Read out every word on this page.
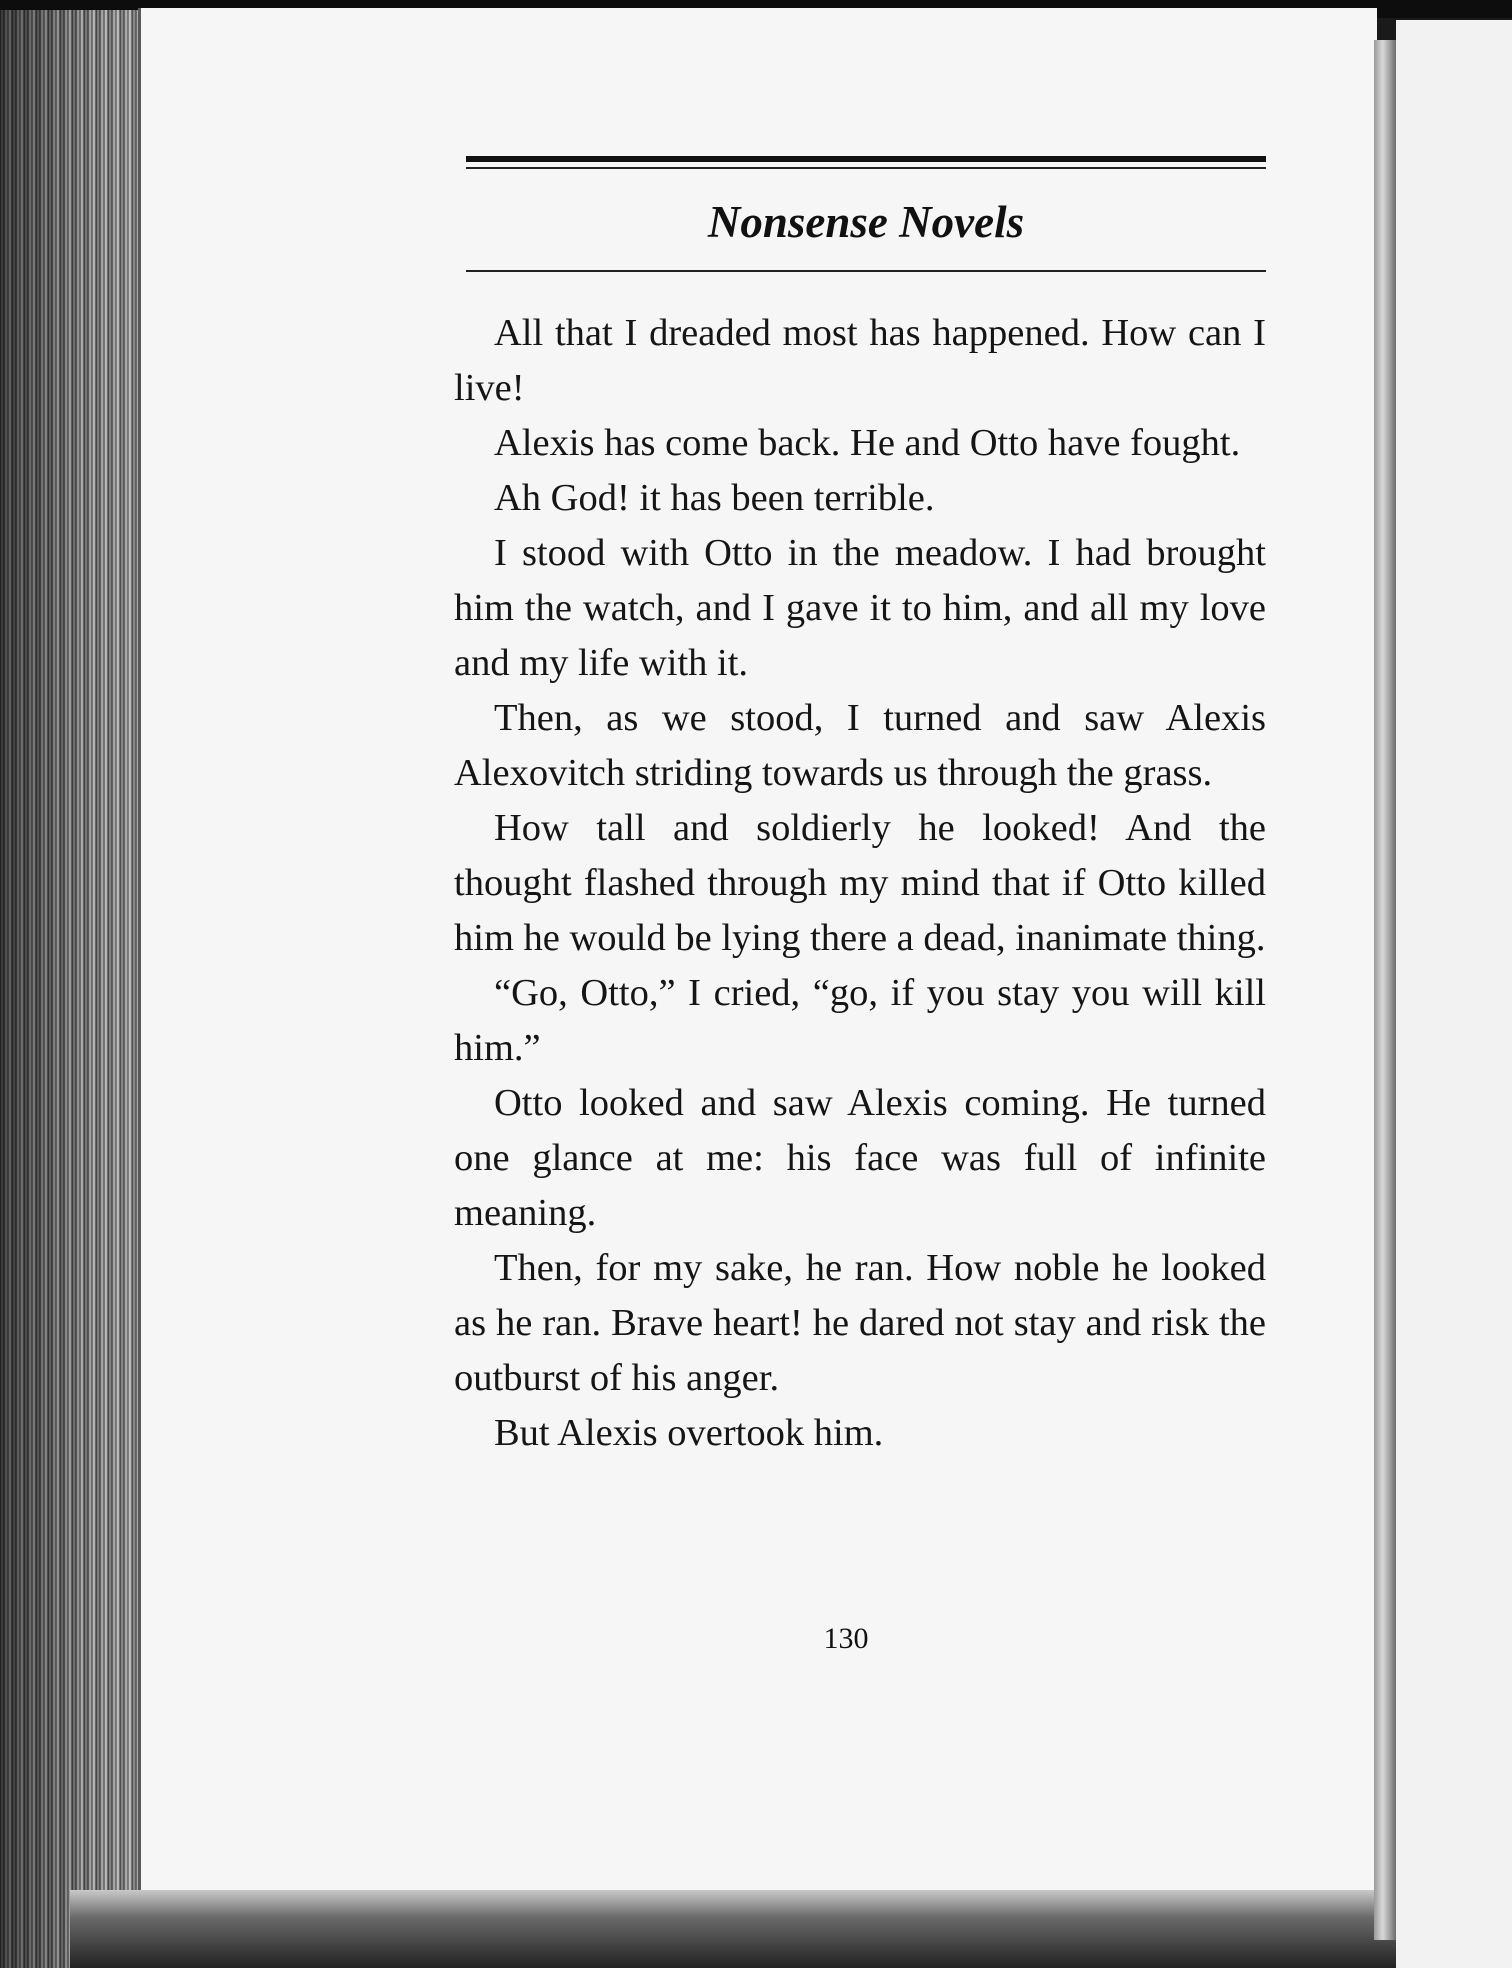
Nonsense Novels

All that I dreaded most has happened. How can I live!

Alexis has come back. He and Otto have fought.

Ah God! it has been terrible.

I stood with Otto in the meadow. I had brought him the watch, and I gave it to him, and all my love and my life with it.

Then, as we stood, I turned and saw Alexis Alexovitch striding towards us through the grass.

How tall and soldierly he looked! And the thought flashed through my mind that if Otto killed him he would be lying there a dead, inanimate thing.

“Go, Otto,” I cried, “go, if you stay you will kill him.”

Otto looked and saw Alexis coming. He turned one glance at me: his face was full of infinite meaning.

Then, for my sake, he ran. How noble he looked as he ran. Brave heart! he dared not stay and risk the outburst of his anger.

But Alexis overtook him.

130
